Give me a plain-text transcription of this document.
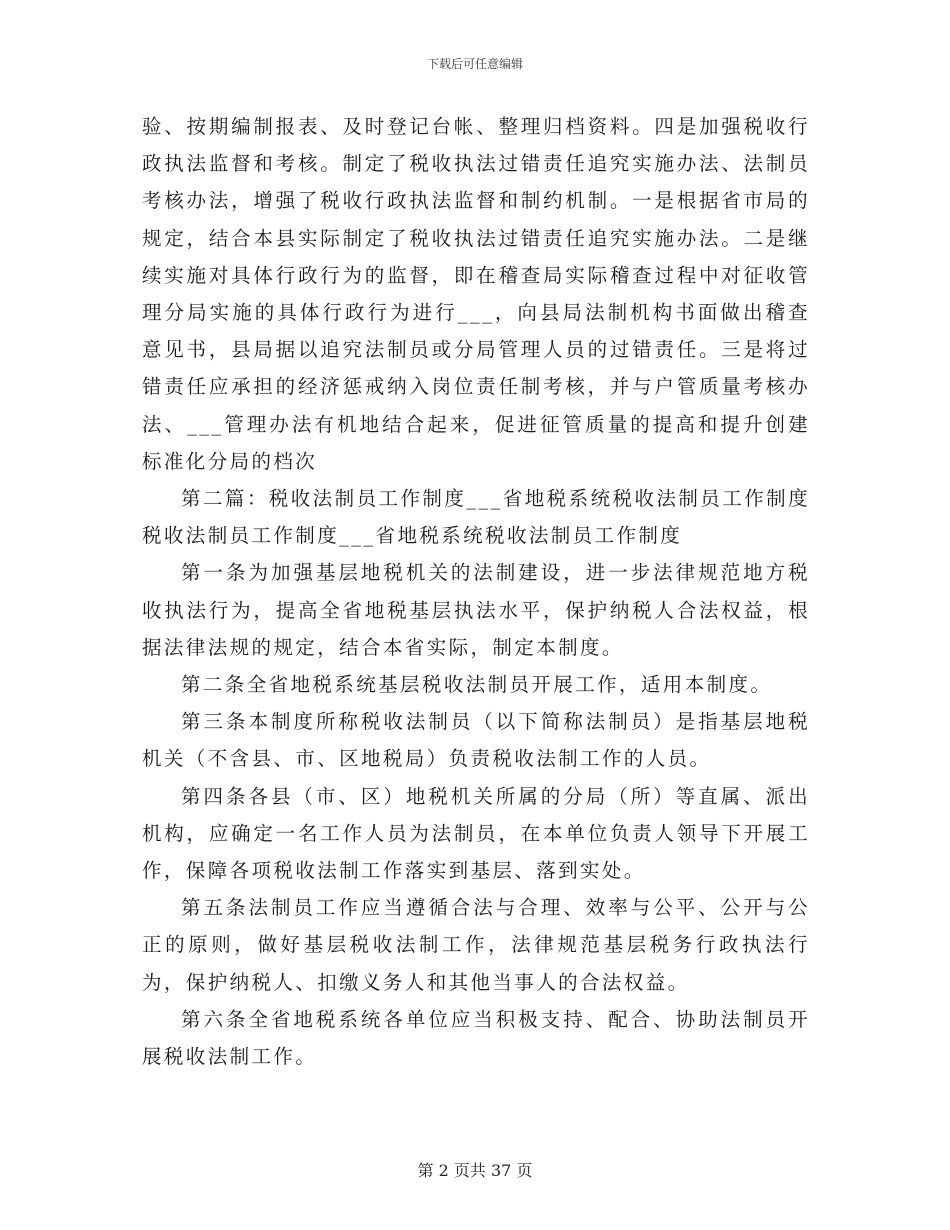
下载后可任意编辑

验、按期编制报表、及时登记台帐、整理归档资料。四是加强税收行政执法监督和考核。制定了税收执法过错责任追究实施办法、法制员考核办法，增强了税收行政执法监督和制约机制。一是根据省市局的规定，结合本县实际制定了税收执法过错责任追究实施办法。二是继续实施对具体行政行为的监督，即在稽查局实际稽查过程中对征收管理分局实施的具体行政行为进行___，向县局法制机构书面做出稽查意见书，县局据以追究法制员或分局管理人员的过错责任。三是将过错责任应承担的经济惩戒纳入岗位责任制考核，并与户管质量考核办法、___管理办法有机地结合起来，促进征管质量的提高和提升创建标准化分局的档次

第二篇：税收法制员工作制度___省地税系统税收法制员工作制度税收法制员工作制度___省地税系统税收法制员工作制度

第一条为加强基层地税机关的法制建设，进一步法律规范地方税收执法行为，提高全省地税基层执法水平，保护纳税人合法权益，根据法律法规的规定，结合本省实际，制定本制度。

第二条全省地税系统基层税收法制员开展工作，适用本制度。

第三条本制度所称税收法制员（以下简称法制员）是指基层地税机关（不含县、市、区地税局）负责税收法制工作的人员。

第四条各县（市、区）地税机关所属的分局（所）等直属、派出机构，应确定一名工作人员为法制员，在本单位负责人领导下开展工作，保障各项税收法制工作落实到基层、落到实处。

第五条法制员工作应当遵循合法与合理、效率与公平、公开与公正的原则，做好基层税收法制工作，法律规范基层税务行政执法行为，保护纳税人、扣缴义务人和其他当事人的合法权益。

第六条全省地税系统各单位应当积极支持、配合、协助法制员开展税收法制工作。

第 2 页共 37 页
